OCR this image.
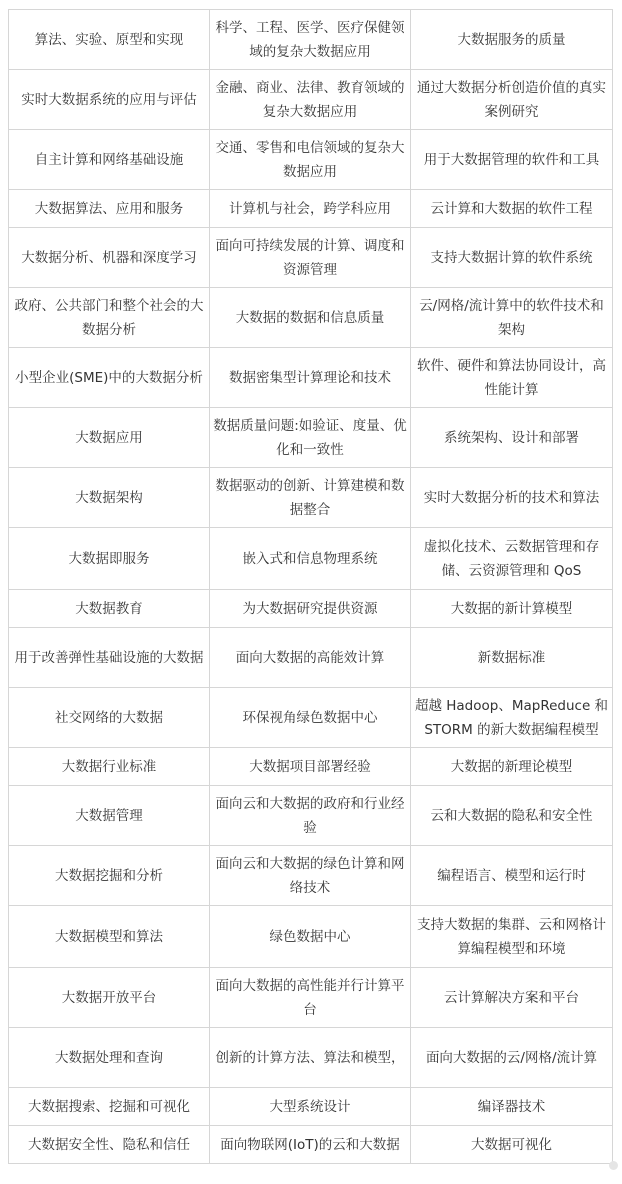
算法、实验、原型和实现	科学、工程、医学、医疗保健领域的复杂大数据应用	大数据服务的质量
实时大数据系统的应用与评估	金融、商业、法律、教育领域的复杂大数据应用	通过大数据分析创造价值的真实案例研究
自主计算和网络基础设施	交通、零售和电信领域的复杂大数据应用	用于大数据管理的软件和工具
大数据算法、应用和服务	计算机与社会，跨学科应用	云计算和大数据的软件工程
大数据分析、机器和深度学习	面向可持续发展的计算、调度和资源管理	支持大数据计算的软件系统
政府、公共部门和整个社会的大数据分析	大数据的数据和信息质量	云/网格/流计算中的软件技术和架构
小型企业(SME)中的大数据分析	数据密集型计算理论和技术	软件、硬件和算法协同设计，高性能计算
大数据应用	数据质量问题:如验证、度量、优化和一致性	系统架构、设计和部署
大数据架构	数据驱动的创新、计算建模和数据整合	实时大数据分析的技术和算法
大数据即服务	嵌入式和信息物理系统	虚拟化技术、云数据管理和存储、云资源管理和 QoS
大数据教育	为大数据研究提供资源	大数据的新计算模型
用于改善弹性基础设施的大数据	面向大数据的高能效计算	新数据标准
社交网络的大数据	环保视角绿色数据中心	超越 Hadoop、MapReduce 和 STORM 的新大数据编程模型
大数据行业标准	大数据项目部署经验	大数据的新理论模型
大数据管理	面向云和大数据的政府和行业经验	云和大数据的隐私和安全性
大数据挖掘和分析	面向云和大数据的绿色计算和网络技术	编程语言、模型和运行时
大数据模型和算法	绿色数据中心	支持大数据的集群、云和网格计算编程模型和环境
大数据开放平台	面向大数据的高性能并行计算平台	云计算解决方案和平台
大数据处理和查询	创新的计算方法、算法和模型，	面向大数据的云/网格/流计算
大数据搜索、挖掘和可视化	大型系统设计	编译器技术
大数据安全性、隐私和信任	面向物联网(IoT)的云和大数据	大数据可视化
